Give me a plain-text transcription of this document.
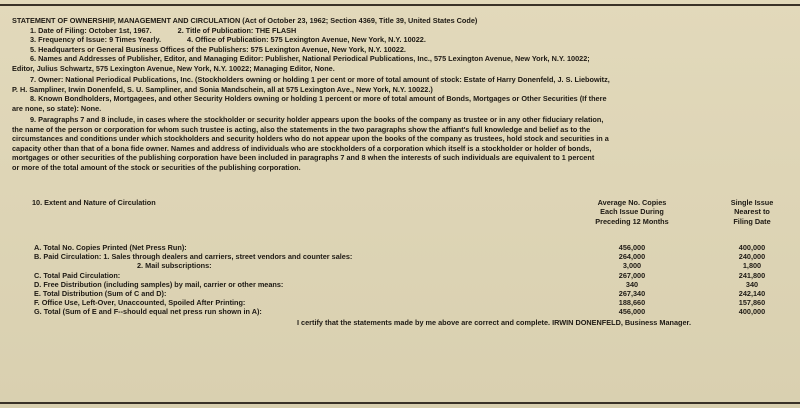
STATEMENT OF OWNERSHIP, MANAGEMENT AND CIRCULATION (Act of October 23, 1962; Section 4369, Title 39, United States Code)

1. Date of Filing: October 1st, 1967.	2. Title of Publication: THE FLASH

3. Frequency of Issue: 9 Times Yearly.	4. Office of Publication: 575 Lexington Avenue, New York, N.Y. 10022.

5. Headquarters or General Business Offices of the Publishers: 575 Lexington Avenue, New York, N.Y. 10022.

6. Names and Addresses of Publisher, Editor, and Managing Editor: Publisher, National Periodical Publications, Inc., 575 Lexington Avenue, New York, N.Y. 10022;

Editor, Julius Schwartz, 575 Lexington Avenue, New York, N.Y. 10022; Managing Editor, None.

7. Owner: National Periodical Publications, Inc. (Stockholders owning or holding 1 per cent or more of total amount of stock: Estate of Harry Donenfeld, J. S. Liebowitz,

P. H. Sampliner, Irwin Donenfeld, S. U. Sampliner, and Sonia Mandschein, all at 575 Lexington Ave., New York, N.Y. 10022.)

8. Known Bondholders, Mortgagees, and other Security Holders owning or holding 1 percent or more of total amount of Bonds, Mortgages or Other Securities (If there

are none, so state): None.

9. Paragraphs 7 and 8 include, in cases where the stockholder or security holder appears upon the books of the company as trustee or in any other fiduciary relation,

the name of the person or corporation for whom such trustee is acting, also the statements in the two paragraphs show the affiant's full knowledge and belief as to the

circumstances and conditions under which stockholders and security holders who do not appear upon the books of the company as trustees, hold stock and securities in a

capacity other than that of a bona fide owner. Names and address of individuals who are stockholders of a corporation which itself is a stockholder or holder of bonds,

mortgages or other securities of the publishing corporation have been included in paragraphs 7 and 8 when the interests of such individuals are equivalent to 1 percent

or more of the total amount of the stock or securities of the publishing corporation.

10. Extent and Nature of Circulation	Average No. Copies
Each Issue During
Preceding 12 Months
Single Issue
Nearest to
Filing Date
A. Total No. Copies Printed (Net Press Run):	456,000	400,000
B. Paid Circulation: 1. Sales through dealers and carriers, street vendors and counter sales:	264,000	240,000
2. Mail subscriptions:	3,000	1,800
C. Total Paid Circulation:	267,000	241,800
D. Free Distribution (including samples) by mail, carrier or other means:	340	340
E. Total Distribution (Sum of C and D):	267,340	242,140
F. Office Use, Left-Over, Unaccounted, Spoiled After Printing:	188,660	157,860
G. Total (Sum of E and F--should equal net press run shown in A):	456,000	400,000
I certify that the statements made by me above are correct and complete. IRWIN DONENFELD, Business Manager.
